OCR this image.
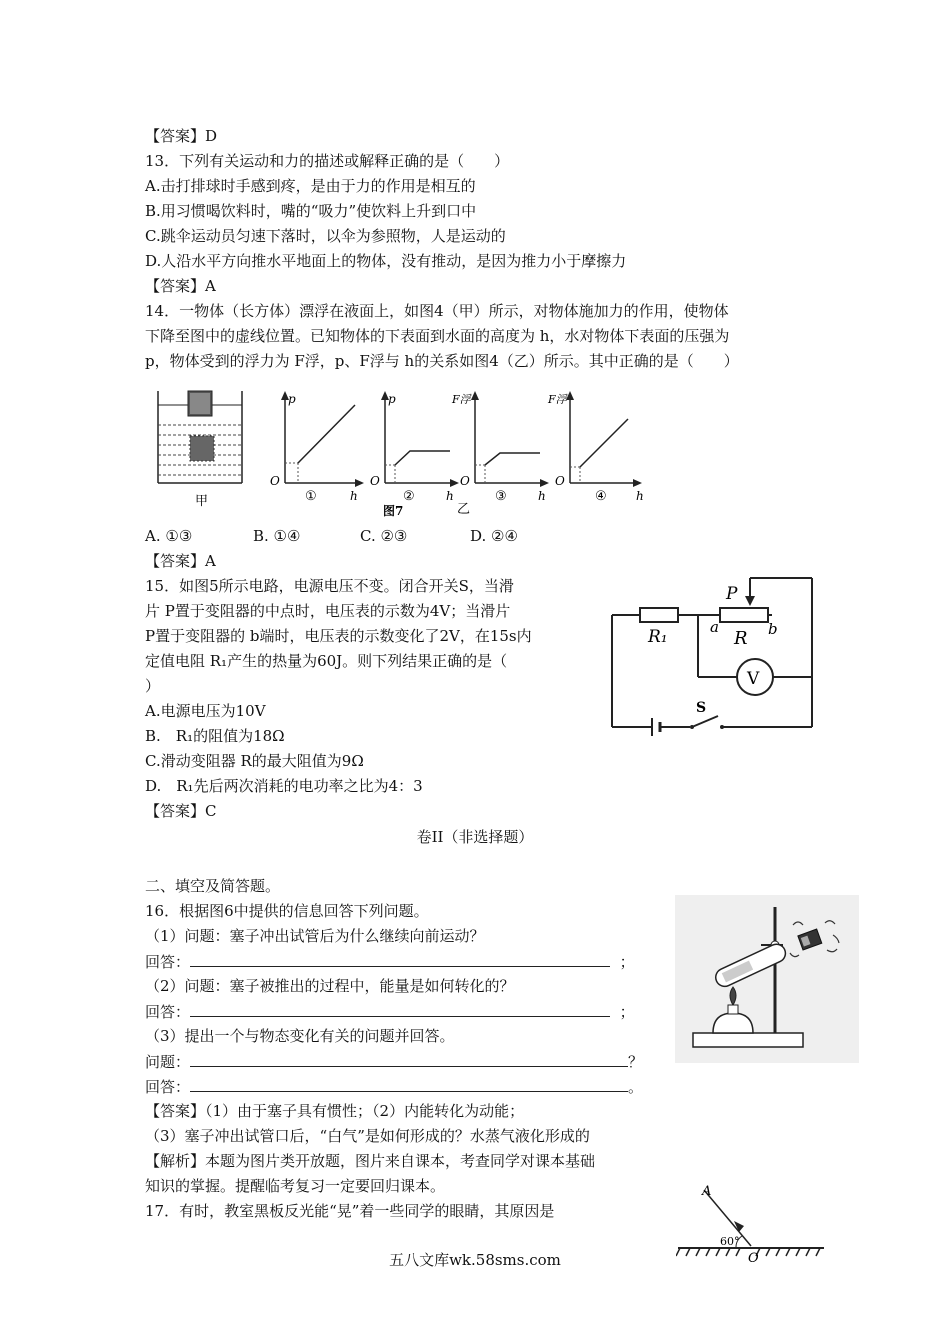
【答案】D
13．下列有关运动和力的描述或解释正确的是（　　）
A.击打排球时手感到疼，是由于力的作用是相互的
B.用习惯喝饮料时，嘴的“吸力”使饮料上升到口中
C.跳伞运动员匀速下落时，以伞为参照物，人是运动的
D.人沿水平方向推水平地面上的物体，没有推动，是因为推力小于摩擦力
【答案】A
14．一物体（长方体）漂浮在液面上，如图4（甲）所示，对物体施加力的作用，使物体
下降至图中的虚线位置。已知物体的下表面到水面的高度为 h，水对物体下表面的压强为
p，物体受到的浮力为 F浮，p、F浮与 h的关系如图4（乙）所示。其中正确的是（　　）
甲
p
O
①	h
p
O
②	h
图7
F浮
O
③	h
乙
F浮
O
④ h
A. ①③	B. ①④	C. ②③	D. ②④
【答案】A
15．如图5所示电路，电源电压不变。闭合开关S，当滑
片 P置于变阻器的中点时，电压表的示数为4V；当滑片
P置于变阻器的 b端时，电压表的示数变化了2V，在15s内
定值电阻 R₁产生的热量为60J。则下列结果正确的是（
）
A.电源电压为10V
B.　R₁的阻值为18Ω
C.滑动变阻器 R的最大阻值为9Ω
D.　R₁先后两次消耗的电功率之比为4：3
【答案】C
P
R₁	a
R b
V
S
卷II（非选择题）
二、填空及简答题。
16．根据图6中提供的信息回答下列问题。
（1）问题：塞子冲出试管后为什么继续向前运动？
回答：	；
（2）问题：塞子被推出的过程中，能量是如何转化的？
回答：	；
（3）提出一个与物态变化有关的问题并回答。
问题：	？
回答：	。
【答案】（1）由于塞子具有惯性；（2）内能转化为动能；
（3）塞子冲出试管口后，“白气”是如何形成的？水蒸气液化形成的
【解析】本题为图片类开放题，图片来自课本，考查同学对课本基础
知识的掌握。提醒临考复习一定要回归课本。
17．有时，教室黑板反光能“晃”着一些同学的眼睛，其原因是
A
60°
O
五八文库wk.58sms.com
